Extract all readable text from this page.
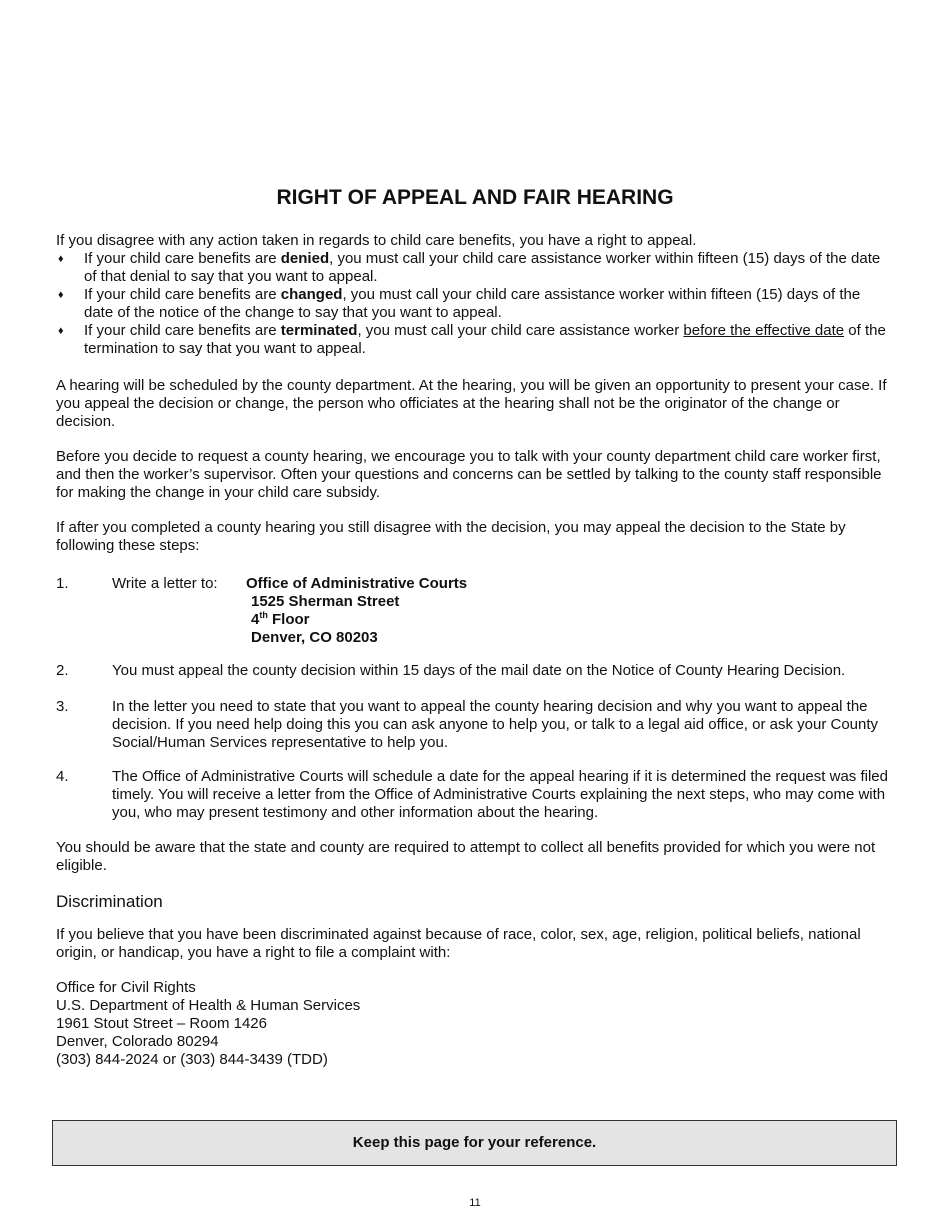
RIGHT OF APPEAL AND FAIR HEARING

If you disagree with any action taken in regards to child care benefits, you have a right to appeal.

♦ If your child care benefits are denied, you must call your child care assistance worker within fifteen (15) days of the date of that denial to say that you want to appeal.
♦ If your child care benefits are changed, you must call your child care assistance worker within fifteen (15) days of the date of the notice of the change to say that you want to appeal.
♦ If your child care benefits are terminated, you must call your child care assistance worker before the effective date of the termination to say that you want to appeal.

A hearing will be scheduled by the county department. At the hearing, you will be given an opportunity to present your case. If you appeal the decision or change, the person who officiates at the hearing shall not be the originator of the change or decision.

Before you decide to request a county hearing, we encourage you to talk with your county department child care worker first, and then the worker’s supervisor. Often your questions and concerns can be settled by talking to the county staff responsible for making the change in your child care subsidy.

If after you completed a county hearing you still disagree with the decision, you may appeal the decision to the State by following these steps:

1.	Write a letter to:	Office of Administrative Courts
1525 Sherman Street
4th Floor
Denver, CO 80203
2.	You must appeal the county decision within 15 days of the mail date on the Notice of County Hearing Decision.
3.	In the letter you need to state that you want to appeal the county hearing decision and why you want to appeal the decision. If you need help doing this you can ask anyone to help you, or talk to a legal aid office, or ask your County Social/Human Services representative to help you.
4.	The Office of Administrative Courts will schedule a date for the appeal hearing if it is determined the request was filed timely. You will receive a letter from the Office of Administrative Courts explaining the next steps, who may come with you, who may present testimony and other information about the hearing.

You should be aware that the state and county are required to attempt to collect all benefits provided for which you were not eligible.

Discrimination

If you believe that you have been discriminated against because of race, color, sex, age, religion, political beliefs, national origin, or handicap, you have a right to file a complaint with:

Office for Civil Rights
U.S. Department of Health & Human Services
1961 Stout Street – Room 1426
Denver, Colorado 80294
(303) 844-2024 or (303) 844-3439 (TDD)
Keep this page for your reference.
11
